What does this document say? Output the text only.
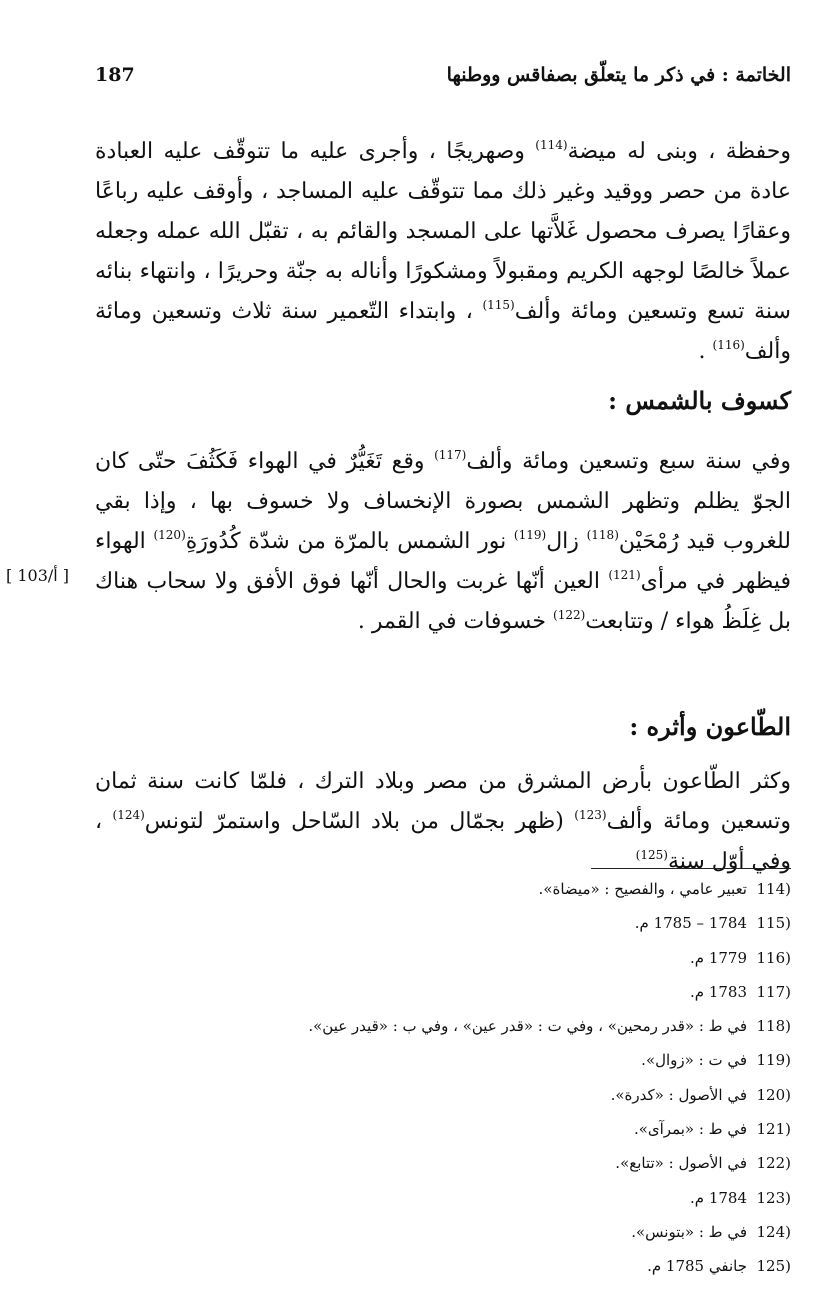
187	الخاتمة : في ذكر ما يتعلّق بصفاقس ووطنها

وحفظة ، وبنى له ميضة$^{(114)}$ وصهريجًا ، وأجرى عليه ما تتوقّف عليه العبادة عادة من حصر ووقيد وغير ذلك مما تتوقّف عليه المساجد ، وأوقف عليه رباعًا وعقارًا يصرف محصول غَلاَّتها على المسجد والقائم به ، تقبّل الله عمله وجعله عملاً خالصًا لوجهه الكريم ومقبولاً ومشكورًا وأناله به جنّة وحريرًا ، وانتهاء بنائه سنة تسع وتسعين ومائة وألف$^{(115)}$ ، وابتداء التّعمير سنة ثلاث وتسعين ومائة وألف$^{(116)}$ .

كسوف بالشمس :

وفي سنة سبع وتسعين ومائة وألف$^{(117)}$ وقع تَغَيُّرٌ في الهواء فَكَثُفَ حتّى كان الجوّ يظلم وتظهر الشمس بصورة الإنخساف ولا خسوف بها ، وإذا بقي للغروب قيد رُمْحَيْن$^{(118)}$ زال$^{(119)}$ نور الشمس بالمرّة من شدّة كُدُورَةِ$^{(120)}$ الهواء فيظهر في مرأى$^{(121)}$ العين أنّها غربت والحال أنّها فوق الأفق ولا سحاب هناك بل غِلَظُ هواء / وتتابعت$^{(122)}$ خسوفات في القمر .

[ 103/أ ]
الطّاعون وأثره :

وكثر الطّاعون بأرض المشرق من مصر وبلاد الترك ، فلمّا كانت سنة ثمان وتسعين ومائة وألف$^{(123)}$ (ظهر بجمّال من بلاد السّاحل واستمرّ لتونس$^{(124)}$ ، وفي أوّل سنة$^{(125)}$

(114
تعبير عامي ، والفصيح : «ميضاة».
(115
1784 – 1785 م.
(116
1779 م.
(117
1783 م.
(118
في ط : «قدر رمحين» ، وفي ت : «قدر عين» ، وفي ب : «قيدر عين».
(119
في ت : «زوال».
(120
في الأصول : «كدرة».
(121
في ط : «بمرآى».
(122
في الأصول : «تتابع».
(123
1784 م.
(124
في ط : «بتونس».
(125
جانفي 1785 م.
